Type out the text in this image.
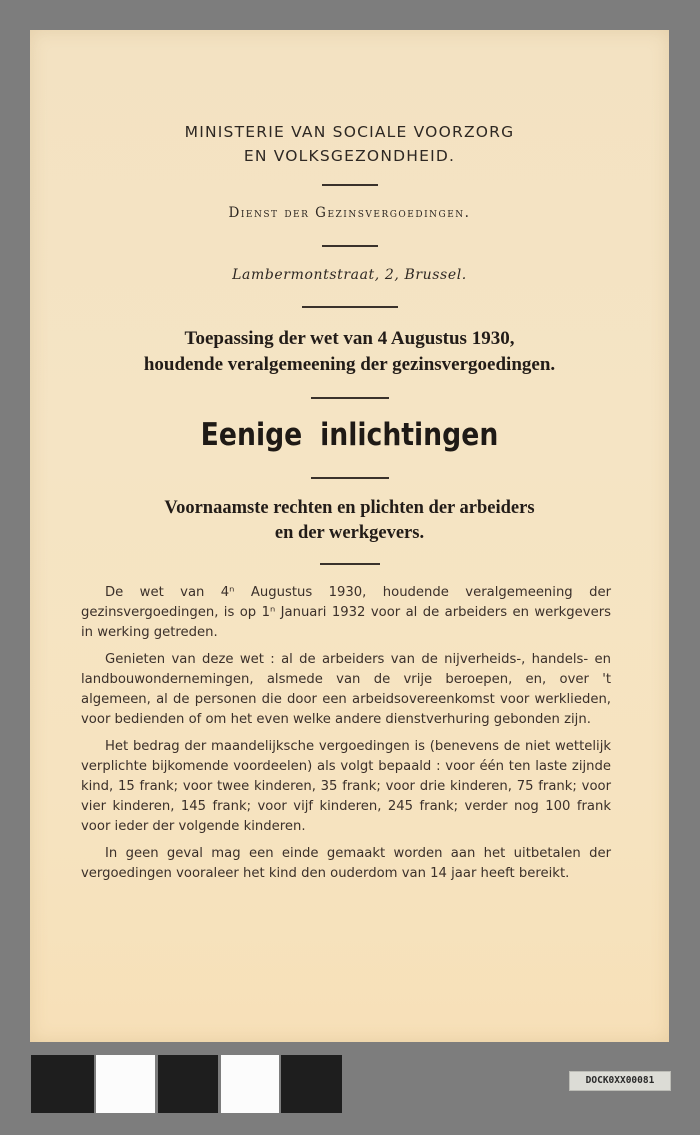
MINISTERIE VAN SOCIALE VOORZORG
EN VOLKSGEZONDHEID.
Dienst der Gezinsvergoedingen.
Lambermontstraat, 2, Brussel.
Toepassing der wet van 4 Augustus 1930,
houdende veralgemeening der gezinsvergoedingen.
Eenige inlichtingen
Voornaamste rechten en plichten der arbeiders
en der werkgevers.

De wet van 4ⁿ Augustus 1930, houdende veralgemeening der gezinsvergoedingen, is op 1ⁿ Januari 1932 voor al de arbeiders en werkgevers in werking getreden.

Genieten van deze wet : al de arbeiders van de nijverheids-, handels- en landbouwondernemingen, alsmede van de vrije beroepen, en, over 't algemeen, al de personen die door een arbeidsovereenkomst voor werklieden, voor bedienden of om het even welke andere dienstverhuring gebonden zijn.

Het bedrag der maandelijksche vergoedingen is (benevens de niet wettelijk verplichte bijkomende voordeelen) als volgt bepaald : voor één ten laste zijnde kind, 15 frank; voor twee kinderen, 35 frank; voor drie kinderen, 75 frank; voor vier kinderen, 145 frank; voor vijf kinderen, 245 frank; verder nog 100 frank voor ieder der volgende kinderen.

In geen geval mag een einde gemaakt worden aan het uitbetalen der vergoedingen vooraleer het kind den ouderdom van 14 jaar heeft bereikt.

DOCK0XX00081
